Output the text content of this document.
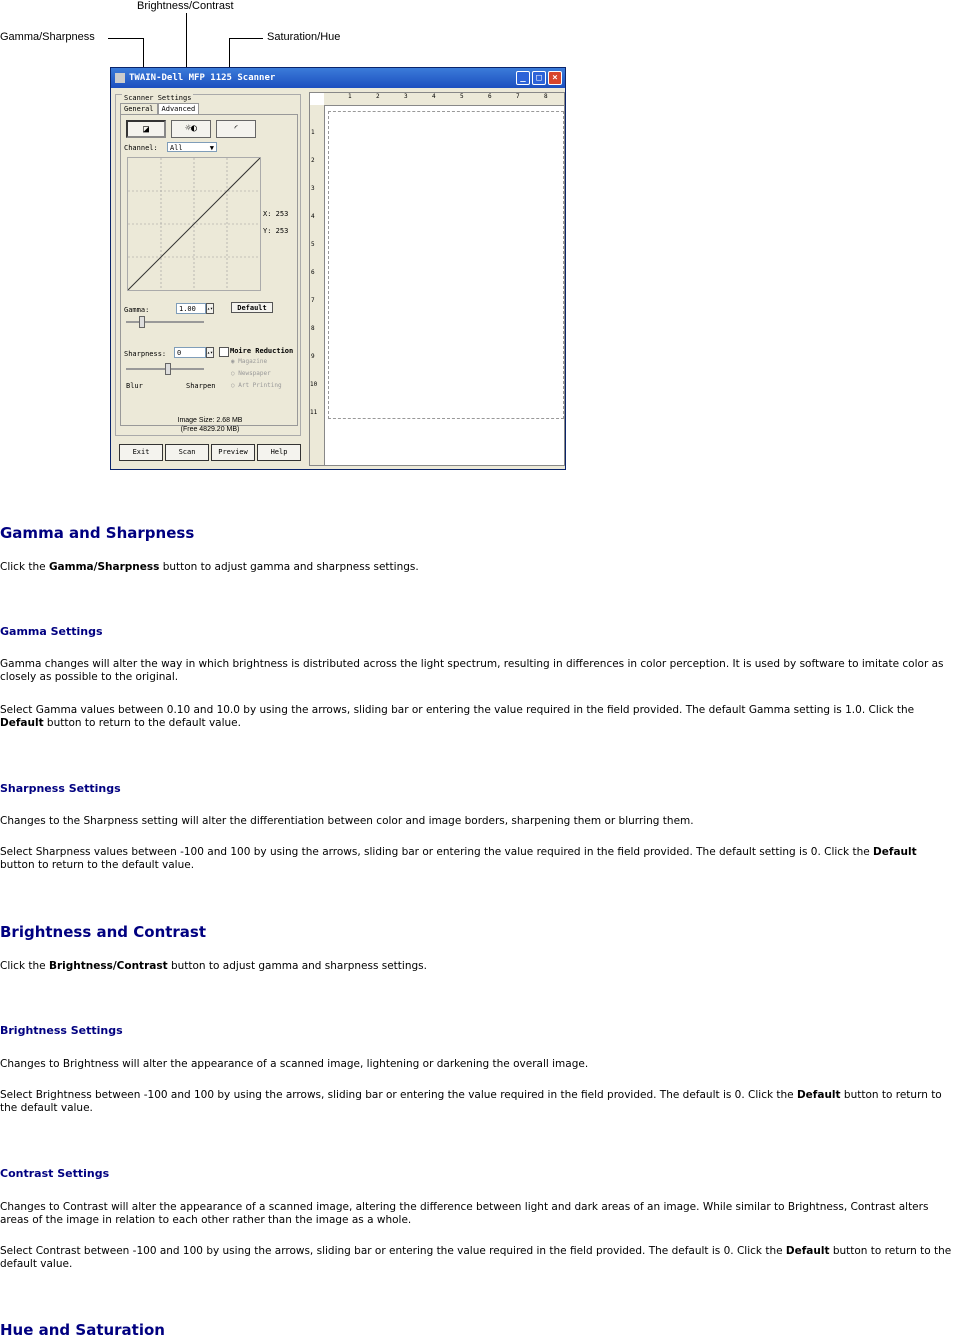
Gamma/Sharpness
Brightness/Contrast
Saturation/Hue
TWAIN-Dell MFP 1125 Scanner	_	□	×
Scanner Settings
General	Advanced
◪	☼◐	◜
Channel:	All	▼
X: 253
Y: 253
Gamma:	1.00	▴▾	Default
Sharpness:	0	▴▾
Blur	Sharpen
Moire Reduction
◉ Magazine
○ Newspaper
○ Art Printing
Image Size: 2.68 MB
(Free 4829.20 MB)
Exit	Scan	Preview	Help
1	2	3	4	5	6	7	8
1
2
3
4
5
6
7
8
9
10
11
Gamma and Sharpness

Click the Gamma/Sharpness button to adjust gamma and sharpness settings.

Gamma Settings

Gamma changes will alter the way in which brightness is distributed across the light spectrum, resulting in differences in color perception. It is used by software to imitate color as closely as possible to the original.

Select Gamma values between 0.10 and 10.0 by using the arrows, sliding bar or entering the value required in the field provided. The default Gamma setting is 1.0. Click the Default button to return to the default value.

Sharpness Settings

Changes to the Sharpness setting will alter the differentiation between color and image borders, sharpening them or blurring them.

Select Sharpness values between -100 and 100 by using the arrows, sliding bar or entering the value required in the field provided. The default setting is 0. Click the Default button to return to the default value.

Brightness and Contrast

Click the Brightness/Contrast button to adjust gamma and sharpness settings.

Brightness Settings

Changes to Brightness will alter the appearance of a scanned image, lightening or darkening the overall image.

Select Brightness between -100 and 100 by using the arrows, sliding bar or entering the value required in the field provided. The default is 0. Click the Default button to return to the default value.

Contrast Settings

Changes to Contrast will alter the appearance of a scanned image, altering the difference between light and dark areas of an image. While similar to Brightness, Contrast alters areas of the image in relation to each other rather than the image as a whole.

Select Contrast between -100 and 100 by using the arrows, sliding bar or entering the value required in the field provided. The default is 0. Click the Default button to return to the default value.

Hue and Saturation
